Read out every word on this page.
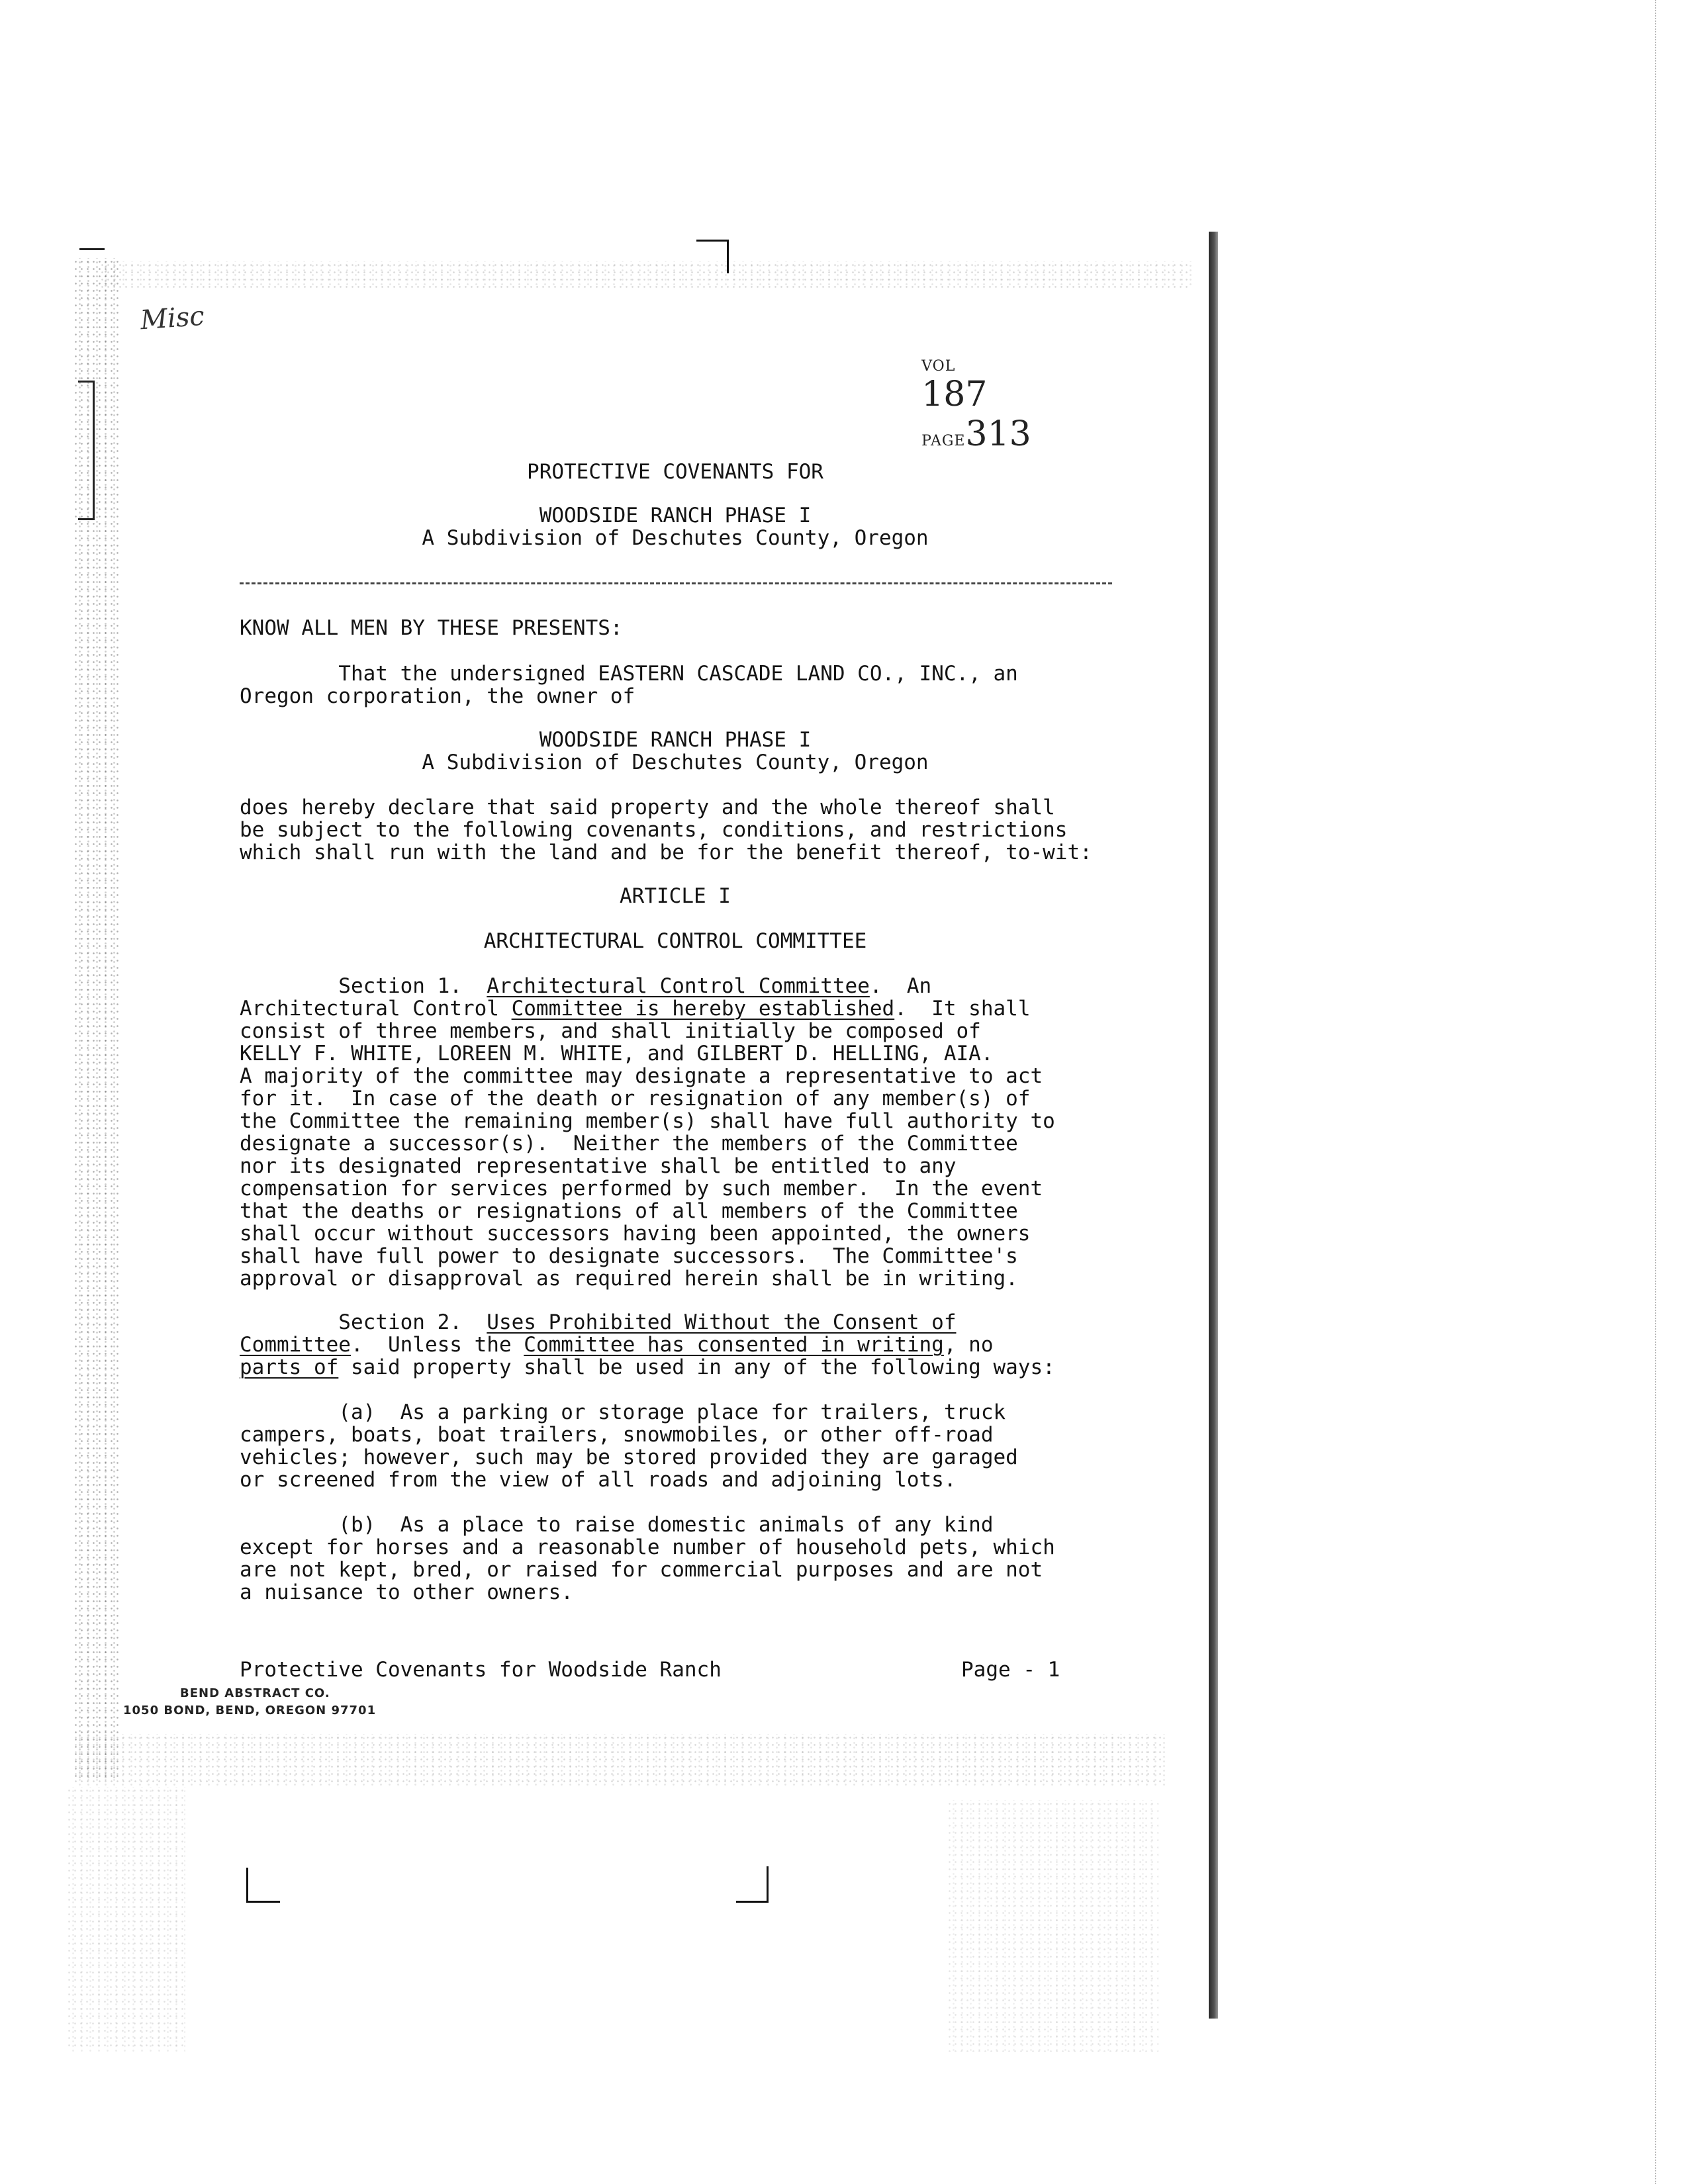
Misc

VOL
187
PAGE313

PROTECTIVE COVENANTS FOR
WOODSIDE RANCH PHASE I
A Subdivision of Deschutes County, Oregon
KNOW ALL MEN BY THESE PRESENTS:
That the undersigned EASTERN CASCADE LAND CO., INC., an
Oregon corporation, the owner of
WOODSIDE RANCH PHASE I
A Subdivision of Deschutes County, Oregon
does hereby declare that said property and the whole thereof shall
be subject to the following covenants, conditions, and restrictions
which shall run with the land and be for the benefit thereof, to-wit:
ARTICLE I
ARCHITECTURAL CONTROL COMMITTEE
Section 1.  Architectural Control Committee.  An
Architectural Control Committee is hereby established.  It shall
consist of three members, and shall initially be composed of
KELLY F. WHITE, LOREEN M. WHITE, and GILBERT D. HELLING, AIA.
A majority of the committee may designate a representative to act
for it.  In case of the death or resignation of any member(s) of
the Committee the remaining member(s) shall have full authority to
designate a successor(s).  Neither the members of the Committee
nor its designated representative shall be entitled to any
compensation for services performed by such member.  In the event
that the deaths or resignations of all members of the Committee
shall occur without successors having been appointed, the owners
shall have full power to designate successors.  The Committee's
approval or disapproval as required herein shall be in writing.
Section 2.  Uses Prohibited Without the Consent of
Committee.  Unless the Committee has consented in writing, no
parts of said property shall be used in any of the following ways:
(a)  As a parking or storage place for trailers, truck
campers, boats, boat trailers, snowmobiles, or other off-road
vehicles; however, such may be stored provided they are garaged
or screened from the view of all roads and adjoining lots.
(b)  As a place to raise domestic animals of any kind
except for horses and a reasonable number of household pets, which
are not kept, bred, or raised for commercial purposes and are not
a nuisance to other owners.
Protective Covenants for Woodside Ranch	Page - 1
BEND ABSTRACT CO.
1050 BOND, BEND, OREGON 97701
